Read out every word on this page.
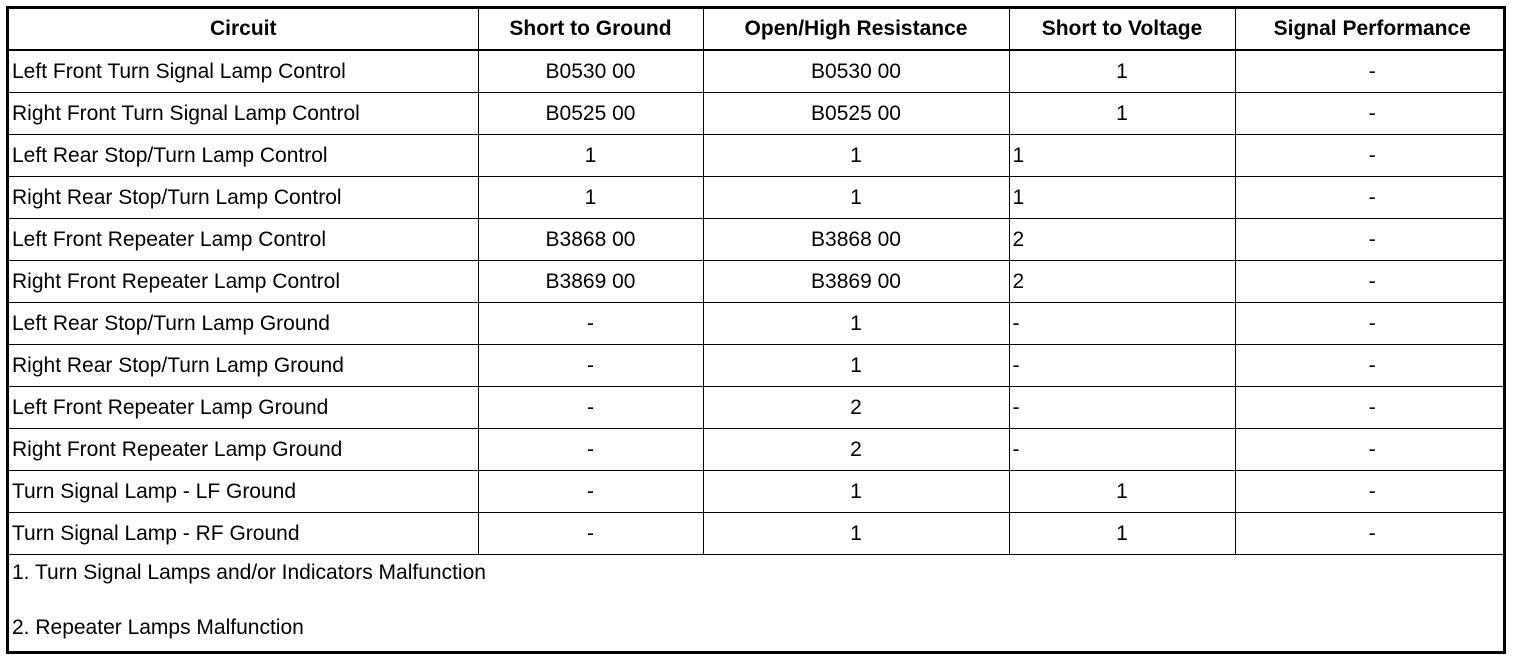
Circuit	Short to Ground	Open/High Resistance	Short to Voltage	Signal Performance
Left Front Turn Signal Lamp Control	B0530 00	B0530 00	1	-
Right Front Turn Signal Lamp Control	B0525 00	B0525 00	1	-
Left Rear Stop/Turn Lamp Control	1	1	1	-
Right Rear Stop/Turn Lamp Control	1	1	1	-
Left Front Repeater Lamp Control	B3868 00	B3868 00	2	-
Right Front Repeater Lamp Control	B3869 00	B3869 00	2	-
Left Rear Stop/Turn Lamp Ground	-	1	-	-
Right Rear Stop/Turn Lamp Ground	-	1	-	-
Left Front Repeater Lamp Ground	-	2	-	-
Right Front Repeater Lamp Ground	-	2	-	-
Turn Signal Lamp - LF Ground	-	1	1	-
Turn Signal Lamp - RF Ground	-	1	1	-
1. Turn Signal Lamps and/or Indicators Malfunction
2. Repeater Lamps Malfunction
